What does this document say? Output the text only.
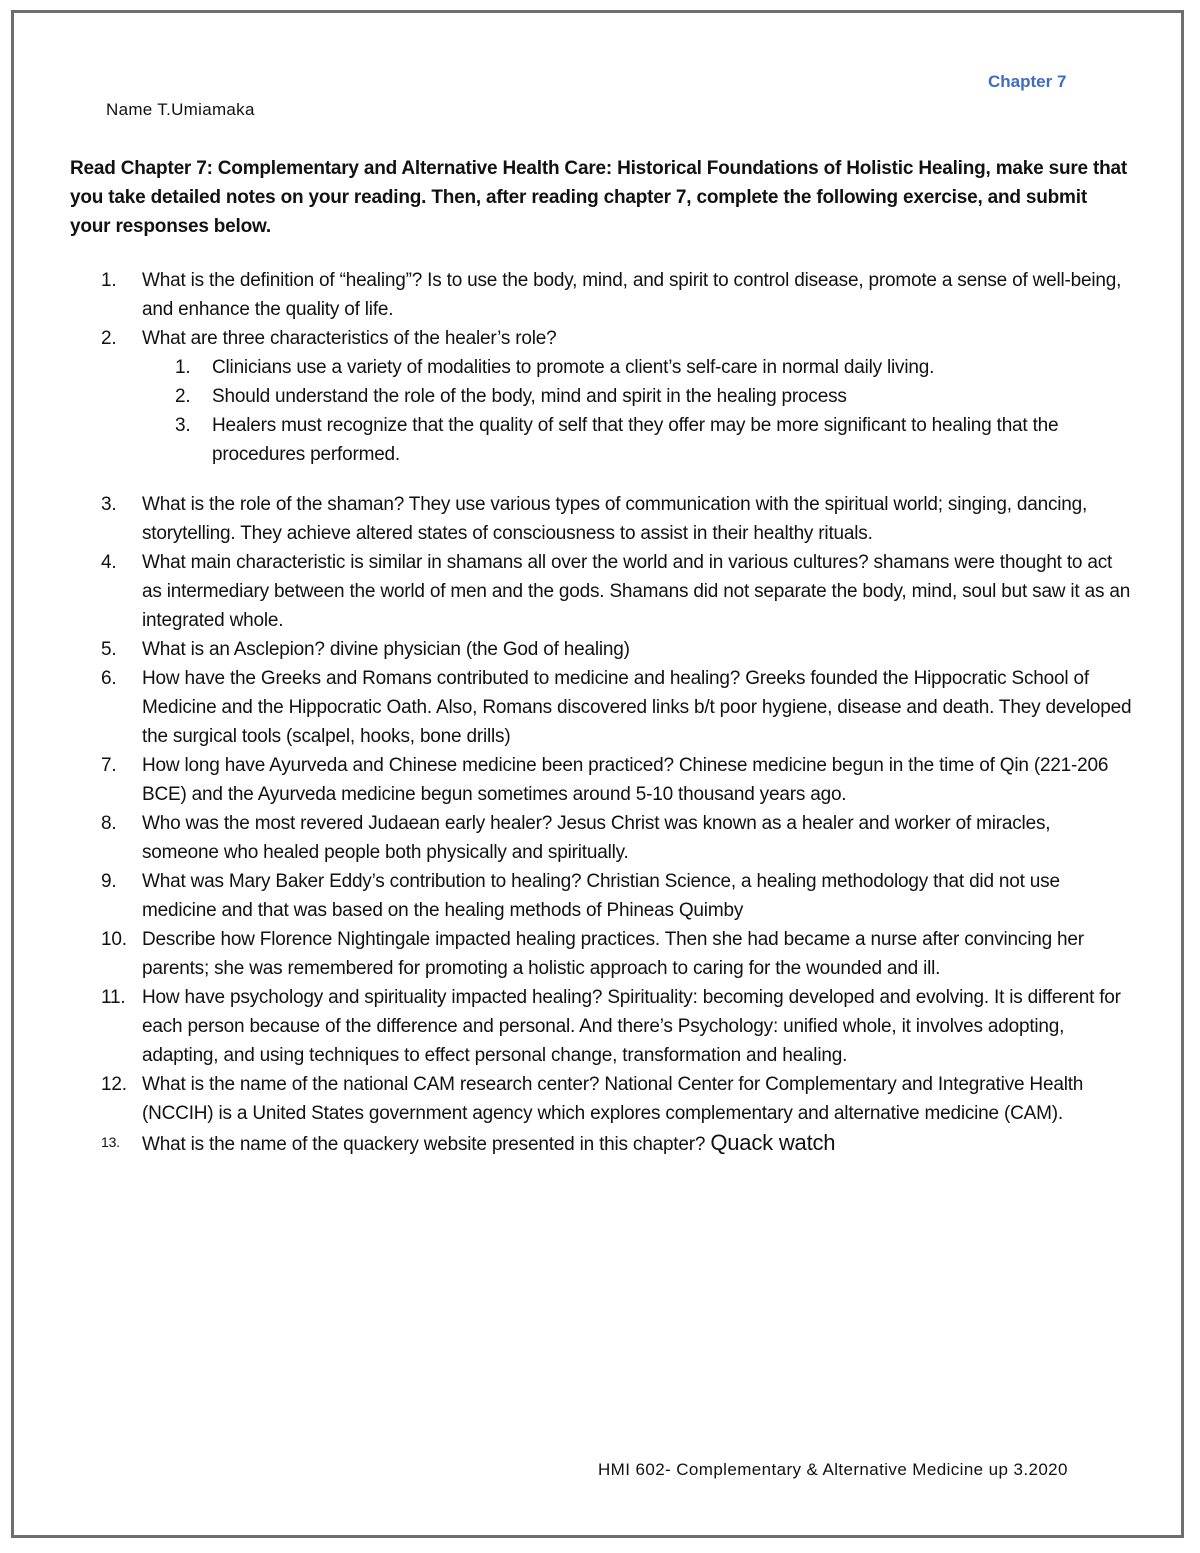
Chapter 7
Name T.Umiamaka
Read Chapter 7: Complementary and Alternative Health Care: Historical Foundations of Holistic Healing, make sure that you take detailed notes on your reading. Then, after reading chapter 7, complete the following exercise, and submit your responses below.
1.	What is the definition of “healing”? Is to use the body, mind, and spirit to control disease, promote a sense of well-being, and enhance the quality of life.
2.	What are three characteristics of the healer’s role?
1. Clinicians use a variety of modalities to promote a client’s self-care in normal daily living.
2. Should understand the role of the body, mind and spirit in the healing process
3. Healers must recognize that the quality of self that they offer may be more significant to healing that the procedures performed.
3.	What is the role of the shaman? They use various types of communication with the spiritual world; singing, dancing, storytelling. They achieve altered states of consciousness to assist in their healthy rituals.
4.	What main characteristic is similar in shamans all over the world and in various cultures? shamans were thought to act as intermediary between the world of men and the gods. Shamans did not separate the body, mind, soul but saw it as an integrated whole.
5.	What is an Asclepion? divine physician (the God of healing)
6.	How have the Greeks and Romans contributed to medicine and healing? Greeks founded the Hippocratic School of Medicine and the Hippocratic Oath. Also, Romans discovered links b/t poor hygiene, disease and death. They developed the surgical tools (scalpel, hooks, bone drills)
7.	How long have Ayurveda and Chinese medicine been practiced? Chinese medicine begun in the time of Qin (221-206 BCE) and the Ayurveda medicine begun sometimes around 5-10 thousand years ago.
8.	Who was the most revered Judaean early healer? Jesus Christ was known as a healer and worker of miracles, someone who healed people both physically and spiritually.
9.	What was Mary Baker Eddy’s contribution to healing? Christian Science, a healing methodology that did not use medicine and that was based on the healing methods of Phineas Quimby
10. Describe how Florence Nightingale impacted healing practices. Then she had became a nurse after convincing her parents; she was remembered for promoting a holistic approach to caring for the wounded and ill.
11. How have psychology and spirituality impacted healing? Spirituality: becoming developed and evolving. It is different for each person because of the difference and personal. And there’s Psychology: unified whole, it involves adopting, adapting, and using techniques to effect personal change, transformation and healing.
12. What is the name of the national CAM research center? National Center for Complementary and Integrative Health (NCCIH) is a United States government agency which explores complementary and alternative medicine (CAM).
13.	What is the name of the quackery website presented in this chapter? Quack watch
HMI 602- Complementary & Alternative Medicine up 3.2020
